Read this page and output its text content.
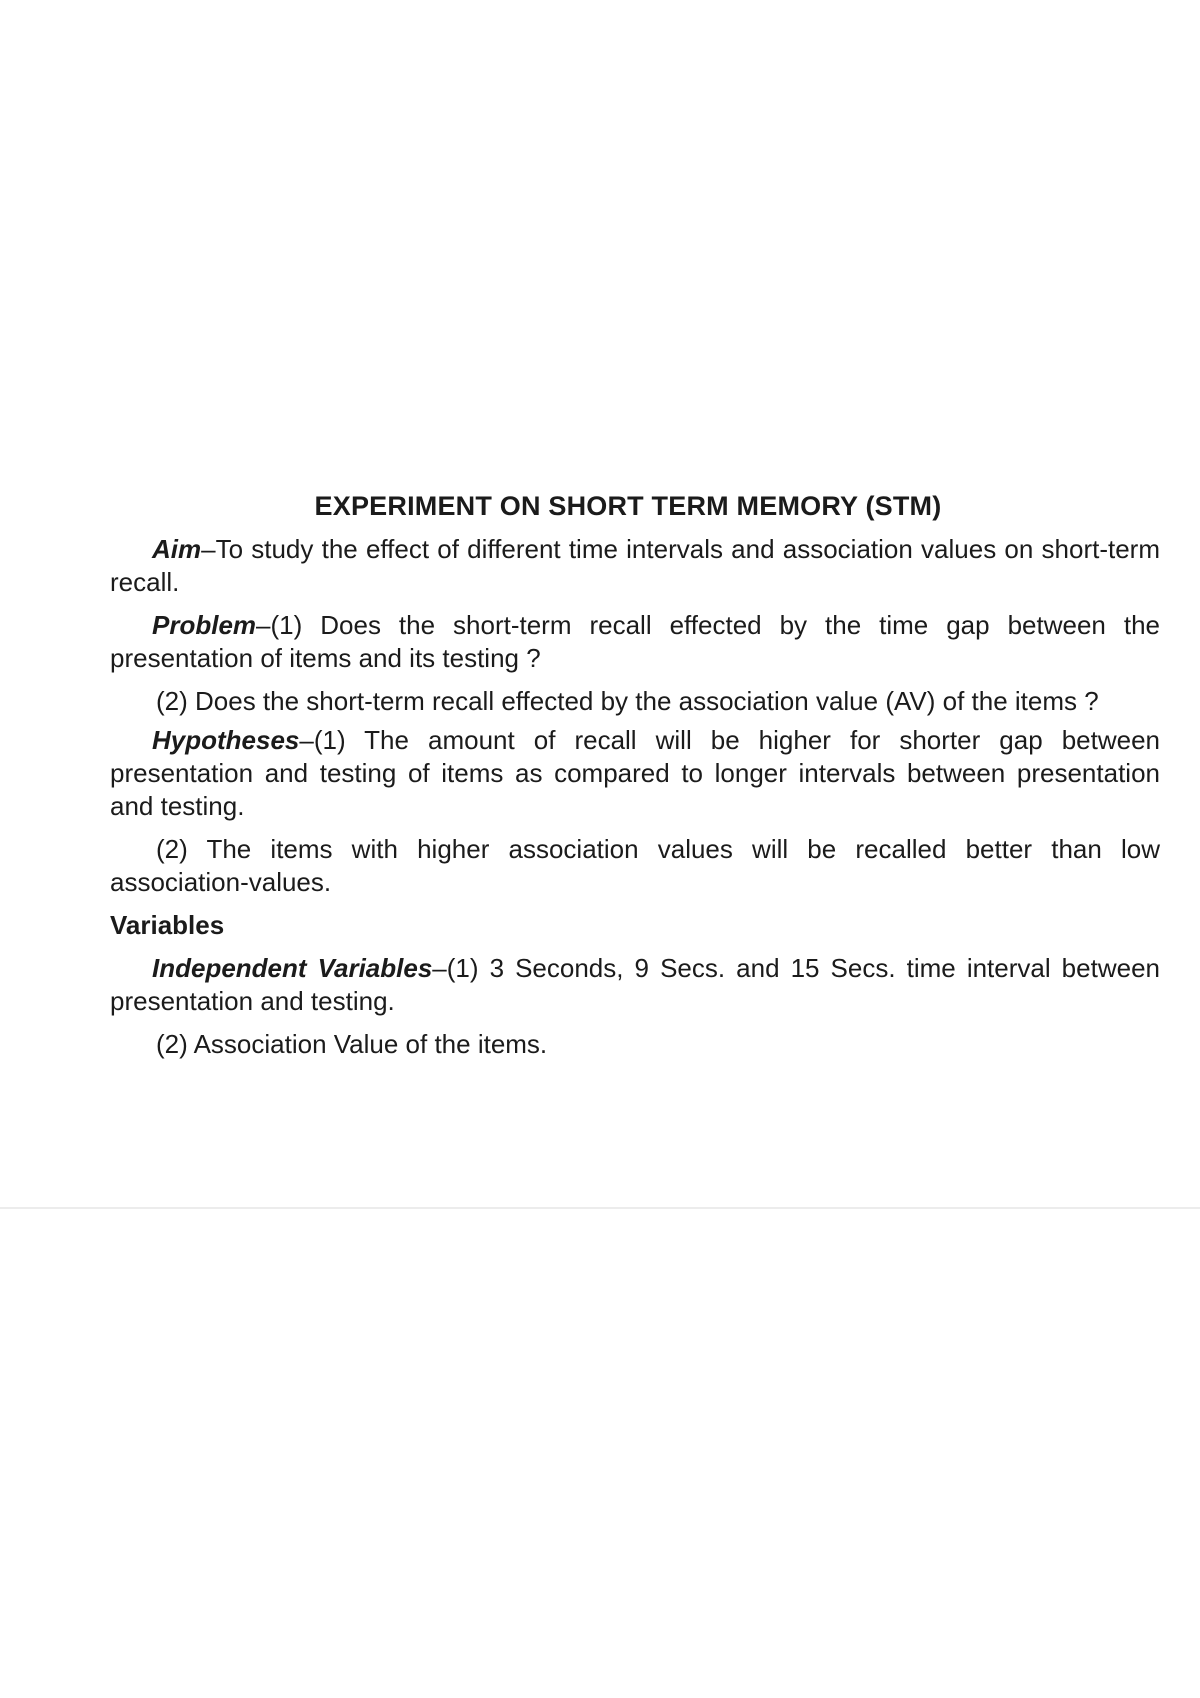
EXPERIMENT ON SHORT TERM MEMORY (STM)

Aim–To study the effect of different time intervals and association values on short-term recall.

Problem–(1) Does the short-term recall effected by the time gap between the presentation of items and its testing ?

(2) Does the short-term recall effected by the association value (AV) of the items ?

Hypotheses–(1) The amount of recall will be higher for shorter gap between presentation and testing of items as compared to longer intervals between presentation and testing.

(2) The items with higher association values will be recalled better than low association-values.

Variables

Independent Variables–(1) 3 Seconds, 9 Secs. and 15 Secs. time interval between presentation and testing.

(2) Association Value of the items.
